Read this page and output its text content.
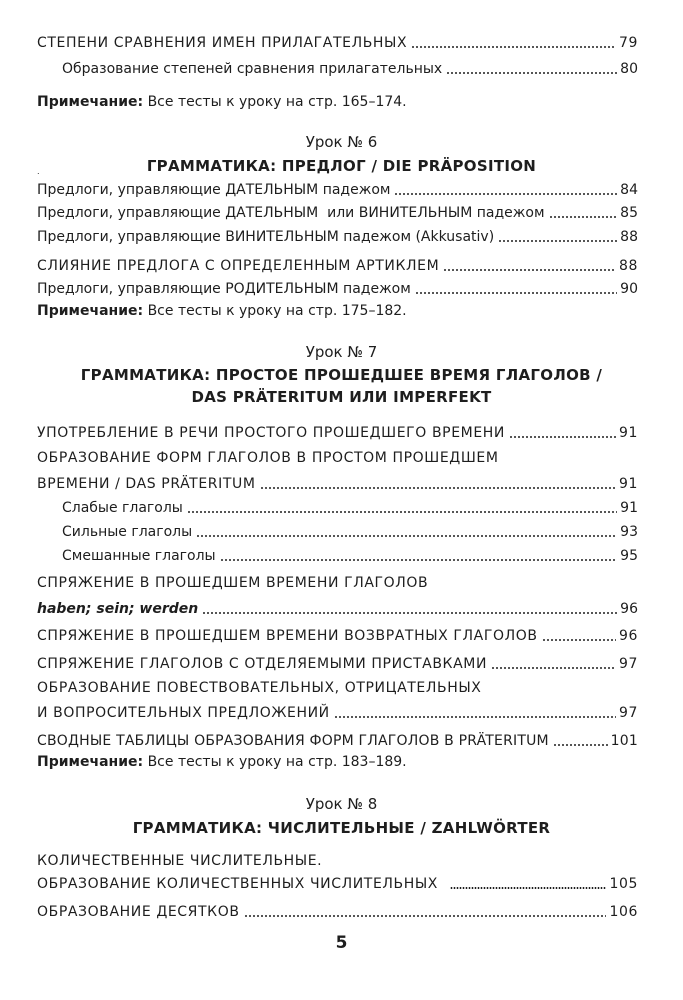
СТЕПЕНИ СРАВНЕНИЯ ИМЕН ПРИЛАГАТЕЛЬНЫХ	79
Образование степеней сравнения прилагательных	80
Примечание: Все тесты к уроку на стр. 165–174.
Урок № 6
.	ГРАММАТИКА: ПРЕДЛОГ / DIE PRÄPOSITION
Предлоги, управляющие ДАТЕЛЬНЫМ падежом	84
Предлоги, управляющие ДАТЕЛЬНЫМ  или ВИНИТЕЛЬНЫМ падежом	85
Предлоги, управляющие ВИНИТЕЛЬНЫМ падежом (Akkusativ)	88
СЛИЯНИЕ ПРЕДЛОГА С ОПРЕДЕЛЕННЫМ АРТИКЛЕМ	88
Предлоги, управляющие РОДИТЕЛЬНЫМ падежом	90
Примечание: Все тесты к уроку на стр. 175–182.
Урок № 7
ГРАММАТИКА: ПРОСТОЕ ПРОШЕДШЕЕ ВРЕМЯ ГЛАГОЛОВ /
DAS PRÄTERITUM ИЛИ IMPERFEKT
УПОТРЕБЛЕНИЕ В РЕЧИ ПРОСТОГО ПРОШЕДШЕГО ВРЕМЕНИ	91
ОБРАЗОВАНИЕ ФОРМ ГЛАГОЛОВ В ПРОСТОМ ПРОШЕДШЕМ
ВРЕМЕНИ / DAS PRÄTERITUM	91
Слабые глаголы	91
Сильные глаголы	93
Смешанные глаголы	95
СПРЯЖЕНИЕ В ПРОШЕДШЕМ ВРЕМЕНИ ГЛАГОЛОВ
haben; sein; werden	96
СПРЯЖЕНИЕ В ПРОШЕДШЕМ ВРЕМЕНИ ВОЗВРАТНЫХ ГЛАГОЛОВ	96
СПРЯЖЕНИЕ ГЛАГОЛОВ С ОТДЕЛЯЕМЫМИ ПРИСТАВКАМИ	97
ОБРАЗОВАНИЕ ПОВЕСТВОВАТЕЛЬНЫХ, ОТРИЦАТЕЛЬНЫХ
И ВОПРОСИТЕЛЬНЫХ ПРЕДЛОЖЕНИЙ	97
СВОДНЫЕ ТАБЛИЦЫ ОБРАЗОВАНИЯ ФОРМ ГЛАГОЛОВ В PRÄTERITUM	101
Примечание: Все тесты к уроку на стр. 183–189.
Урок № 8
ГРАММАТИКА: ЧИСЛИТЕЛЬНЫЕ / ZAHLWÖRTER
КОЛИЧЕСТВЕННЫЕ ЧИСЛИТЕЛЬНЫЕ.
ОБРАЗОВАНИЕ КОЛИЧЕСТВЕННЫХ ЧИСЛИТЕЛЬНЫХ	105
ОБРАЗОВАНИЕ ДЕСЯТКОВ	106
5
